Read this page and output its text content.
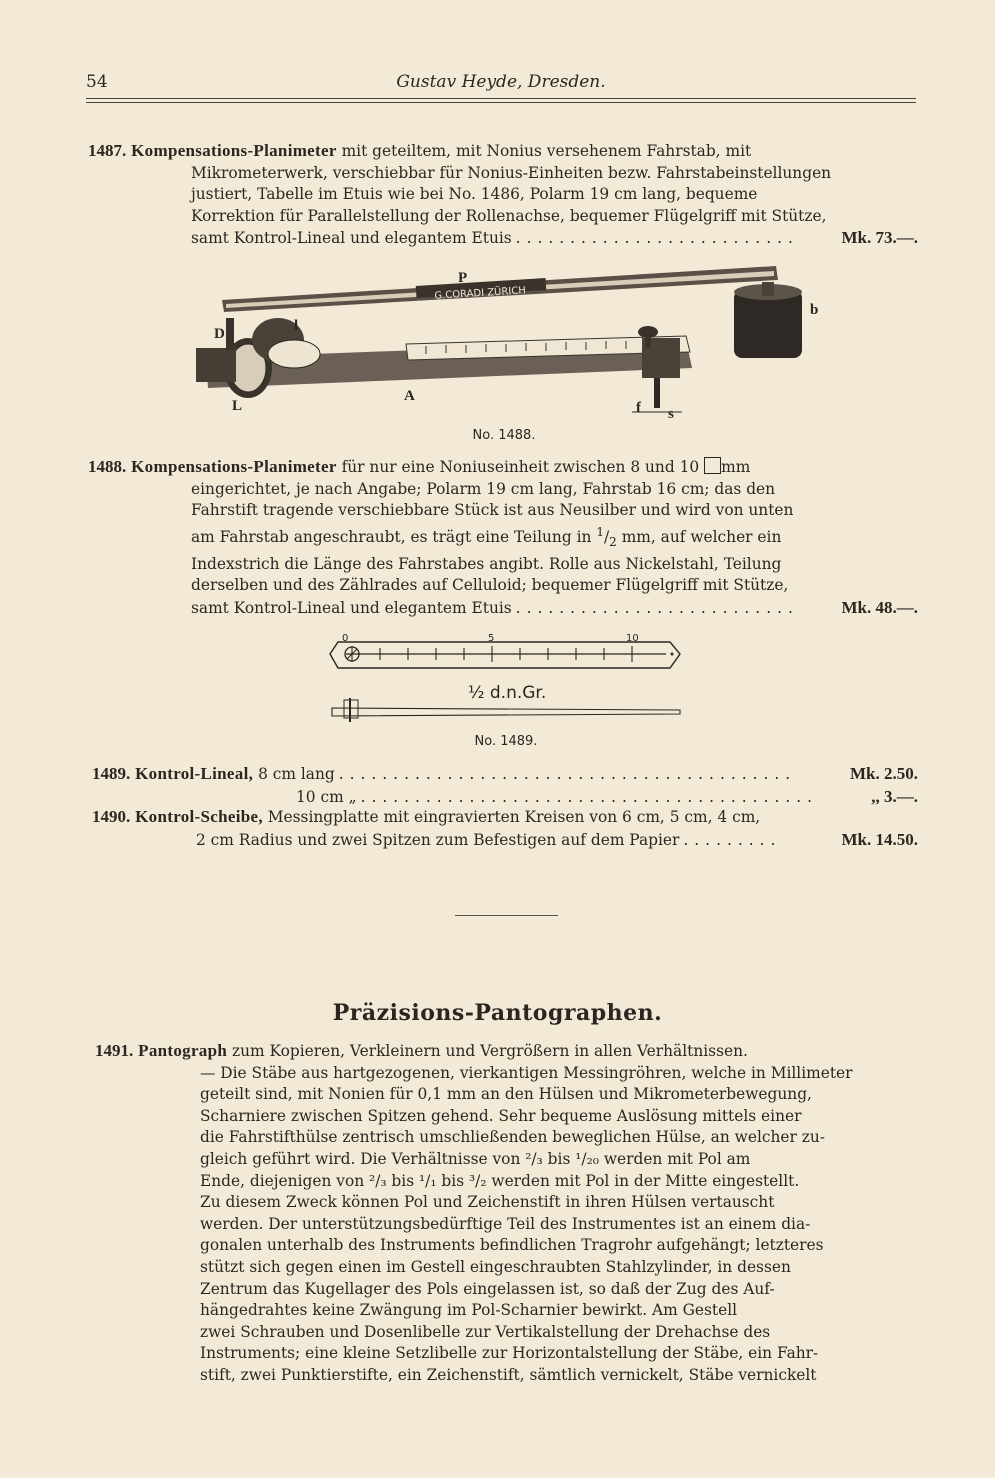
54	Gustav Heyde, Dresden.
1487. Kompensations-Planimeter mit geteiltem, mit Nonius versehenem Fahrstab, mit
Mikrometerwerk, verschiebbar für Nonius-Einheiten bezw. Fahrstabeinstellungen
justiert, Tabelle im Etuis wie bei No. 1486, Polarm 19 cm lang, bequeme
Korrektion für Parallelstellung der Rollenachse, bequemer Flügelgriff mit Stütze,
samt Kontrol-Lineal und elegantem Etuis ..........................	Mk. 73.—.
G.CORADI ZÜRICH
P
b
D	l
L
A
f s
No. 1488.
1488. Kompensations-Planimeter für nur eine Noniuseinheit zwischen 8 und 10 mm
eingerichtet, je nach Angabe; Polarm 19 cm lang, Fahrstab 16 cm; das den
Fahrstift tragende verschiebbare Stück ist aus Neusilber und wird von unten
am Fahrstab angeschraubt, es trägt eine Teilung in $^1/_2$ mm, auf welcher ein
Indexstrich die Länge des Fahrstabes angibt. Rolle aus Nickelstahl, Teilung
derselben und des Zählrades auf Celluloid; bequemer Flügelgriff mit Stütze,
samt Kontrol-Lineal und elegantem Etuis ..........................	Mk. 48.—.
0	5	10
½ d.n.Gr.
No. 1489.
1489.
Kontrol-Lineal,
8 cm lang ..........................................	Mk. 2.50.
10 cm „ ..........................................	,, 3.—.
1490. Kontrol-Scheibe, Messingplatte mit eingravierten Kreisen von 6 cm, 5 cm, 4 cm,
2 cm Radius und zwei Spitzen zum Befestigen auf dem Papier .........	Mk. 14.50.
Präzisions-Pantographen.
1491. Pantograph zum Kopieren, Verkleinern und Vergrößern in allen Verhältnissen.
— Die Stäbe aus hartgezogenen, vierkantigen Messingröhren, welche in Millimeter
geteilt sind, mit Nonien für 0,1 mm an den Hülsen und Mikrometerbewegung,
Scharniere zwischen Spitzen gehend. Sehr bequeme Auslösung mittels einer
die Fahrstifthülse zentrisch umschließenden beweglichen Hülse, an welcher zu-
gleich geführt wird. Die Verhältnisse von ²/₃ bis ¹/₂₀ werden mit Pol am
Ende, diejenigen von ²/₃ bis ¹/₁ bis ³/₂ werden mit Pol in der Mitte eingestellt.
Zu diesem Zweck können Pol und Zeichenstift in ihren Hülsen vertauscht
werden. Der unterstützungsbedürftige Teil des Instrumentes ist an einem dia-
gonalen unterhalb des Instruments befindlichen Tragrohr aufgehängt; letzteres
stützt sich gegen einen im Gestell eingeschraubten Stahlzylinder, in dessen
Zentrum das Kugellager des Pols eingelassen ist, so daß der Zug des Auf-
hängedrahtes keine Zwängung im Pol-Scharnier bewirkt. Am Gestell
zwei Schrauben und Dosenlibelle zur Vertikalstellung der Drehachse des
Instruments; eine kleine Setzlibelle zur Horizontalstellung der Stäbe, ein Fahr-
stift, zwei Punktierstifte, ein Zeichenstift, sämtlich vernickelt, Stäbe vernickelt
